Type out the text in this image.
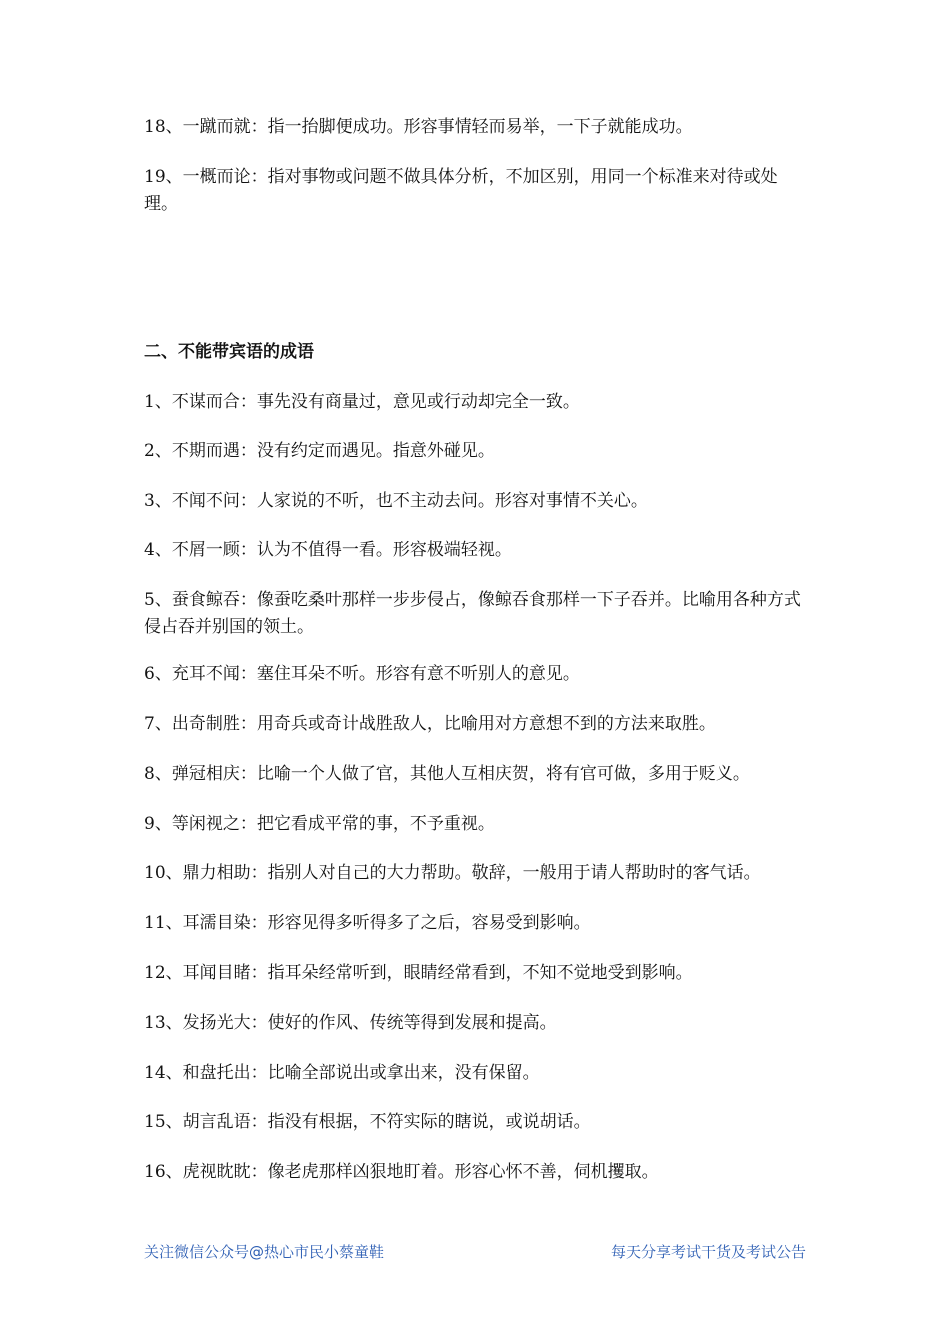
18、一蹴而就：指一抬脚便成功。形容事情轻而易举，一下子就能成功。

19、一概而论：指对事物或问题不做具体分析，不加区别，用同一个标准来对待或处理。

二、不能带宾语的成语

1、不谋而合：事先没有商量过，意见或行动却完全一致。

2、不期而遇：没有约定而遇见。指意外碰见。

3、不闻不问：人家说的不听，也不主动去问。形容对事情不关心。

4、不屑一顾：认为不值得一看。形容极端轻视。

5、蚕食鲸吞：像蚕吃桑叶那样一步步侵占，像鲸吞食那样一下子吞并。比喻用各种方式侵占吞并别国的领土。

6、充耳不闻：塞住耳朵不听。形容有意不听别人的意见。

7、出奇制胜：用奇兵或奇计战胜敌人，比喻用对方意想不到的方法来取胜。

8、弹冠相庆：比喻一个人做了官，其他人互相庆贺，将有官可做，多用于贬义。

9、等闲视之：把它看成平常的事，不予重视。

10、鼎力相助：指别人对自己的大力帮助。敬辞，一般用于请人帮助时的客气话。

11、耳濡目染：形容见得多听得多了之后，容易受到影响。

12、耳闻目睹：指耳朵经常听到，眼睛经常看到，不知不觉地受到影响。

13、发扬光大：使好的作风、传统等得到发展和提高。

14、和盘托出：比喻全部说出或拿出来，没有保留。

15、胡言乱语：指没有根据，不符实际的瞎说，或说胡话。

16、虎视眈眈：像老虎那样凶狠地盯着。形容心怀不善，伺机攫取。

关注微信公众号@热心市民小蔡童鞋	每天分享考试干货及考试公告
